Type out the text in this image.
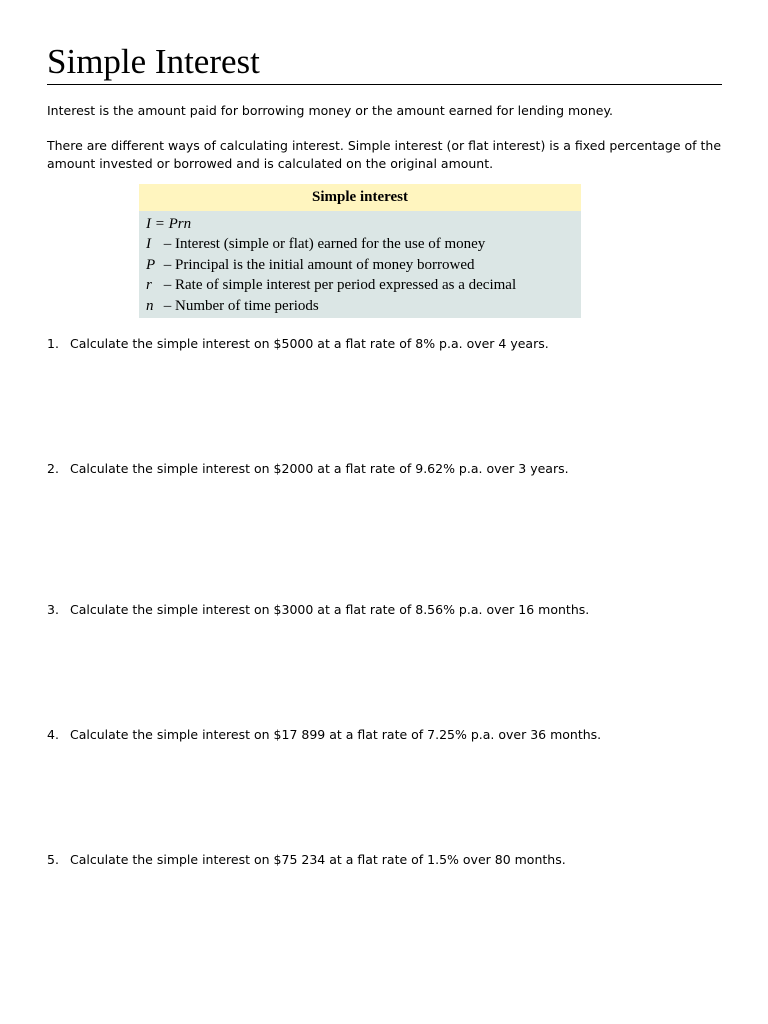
Simple Interest
Interest is the amount paid for borrowing money or the amount earned for lending money.
There are different ways of calculating interest. Simple interest (or flat interest) is a fixed percentage of the amount invested or borrowed and is calculated on the original amount.
Simple interest
I = Prn
I – Interest (simple or flat) earned for the use of money
P – Principal is the initial amount of money borrowed
r – Rate of simple interest per period expressed as a decimal
n – Number of time periods
1. Calculate the simple interest on $5000 at a flat rate of 8% p.a. over 4 years.
2. Calculate the simple interest on $2000 at a flat rate of 9.62% p.a. over 3 years.
3. Calculate the simple interest on $3000 at a flat rate of 8.56% p.a. over 16 months.
4. Calculate the simple interest on $17 899 at a flat rate of 7.25% p.a. over 36 months.
5. Calculate the simple interest on $75 234 at a flat rate of 1.5% over 80 months.
